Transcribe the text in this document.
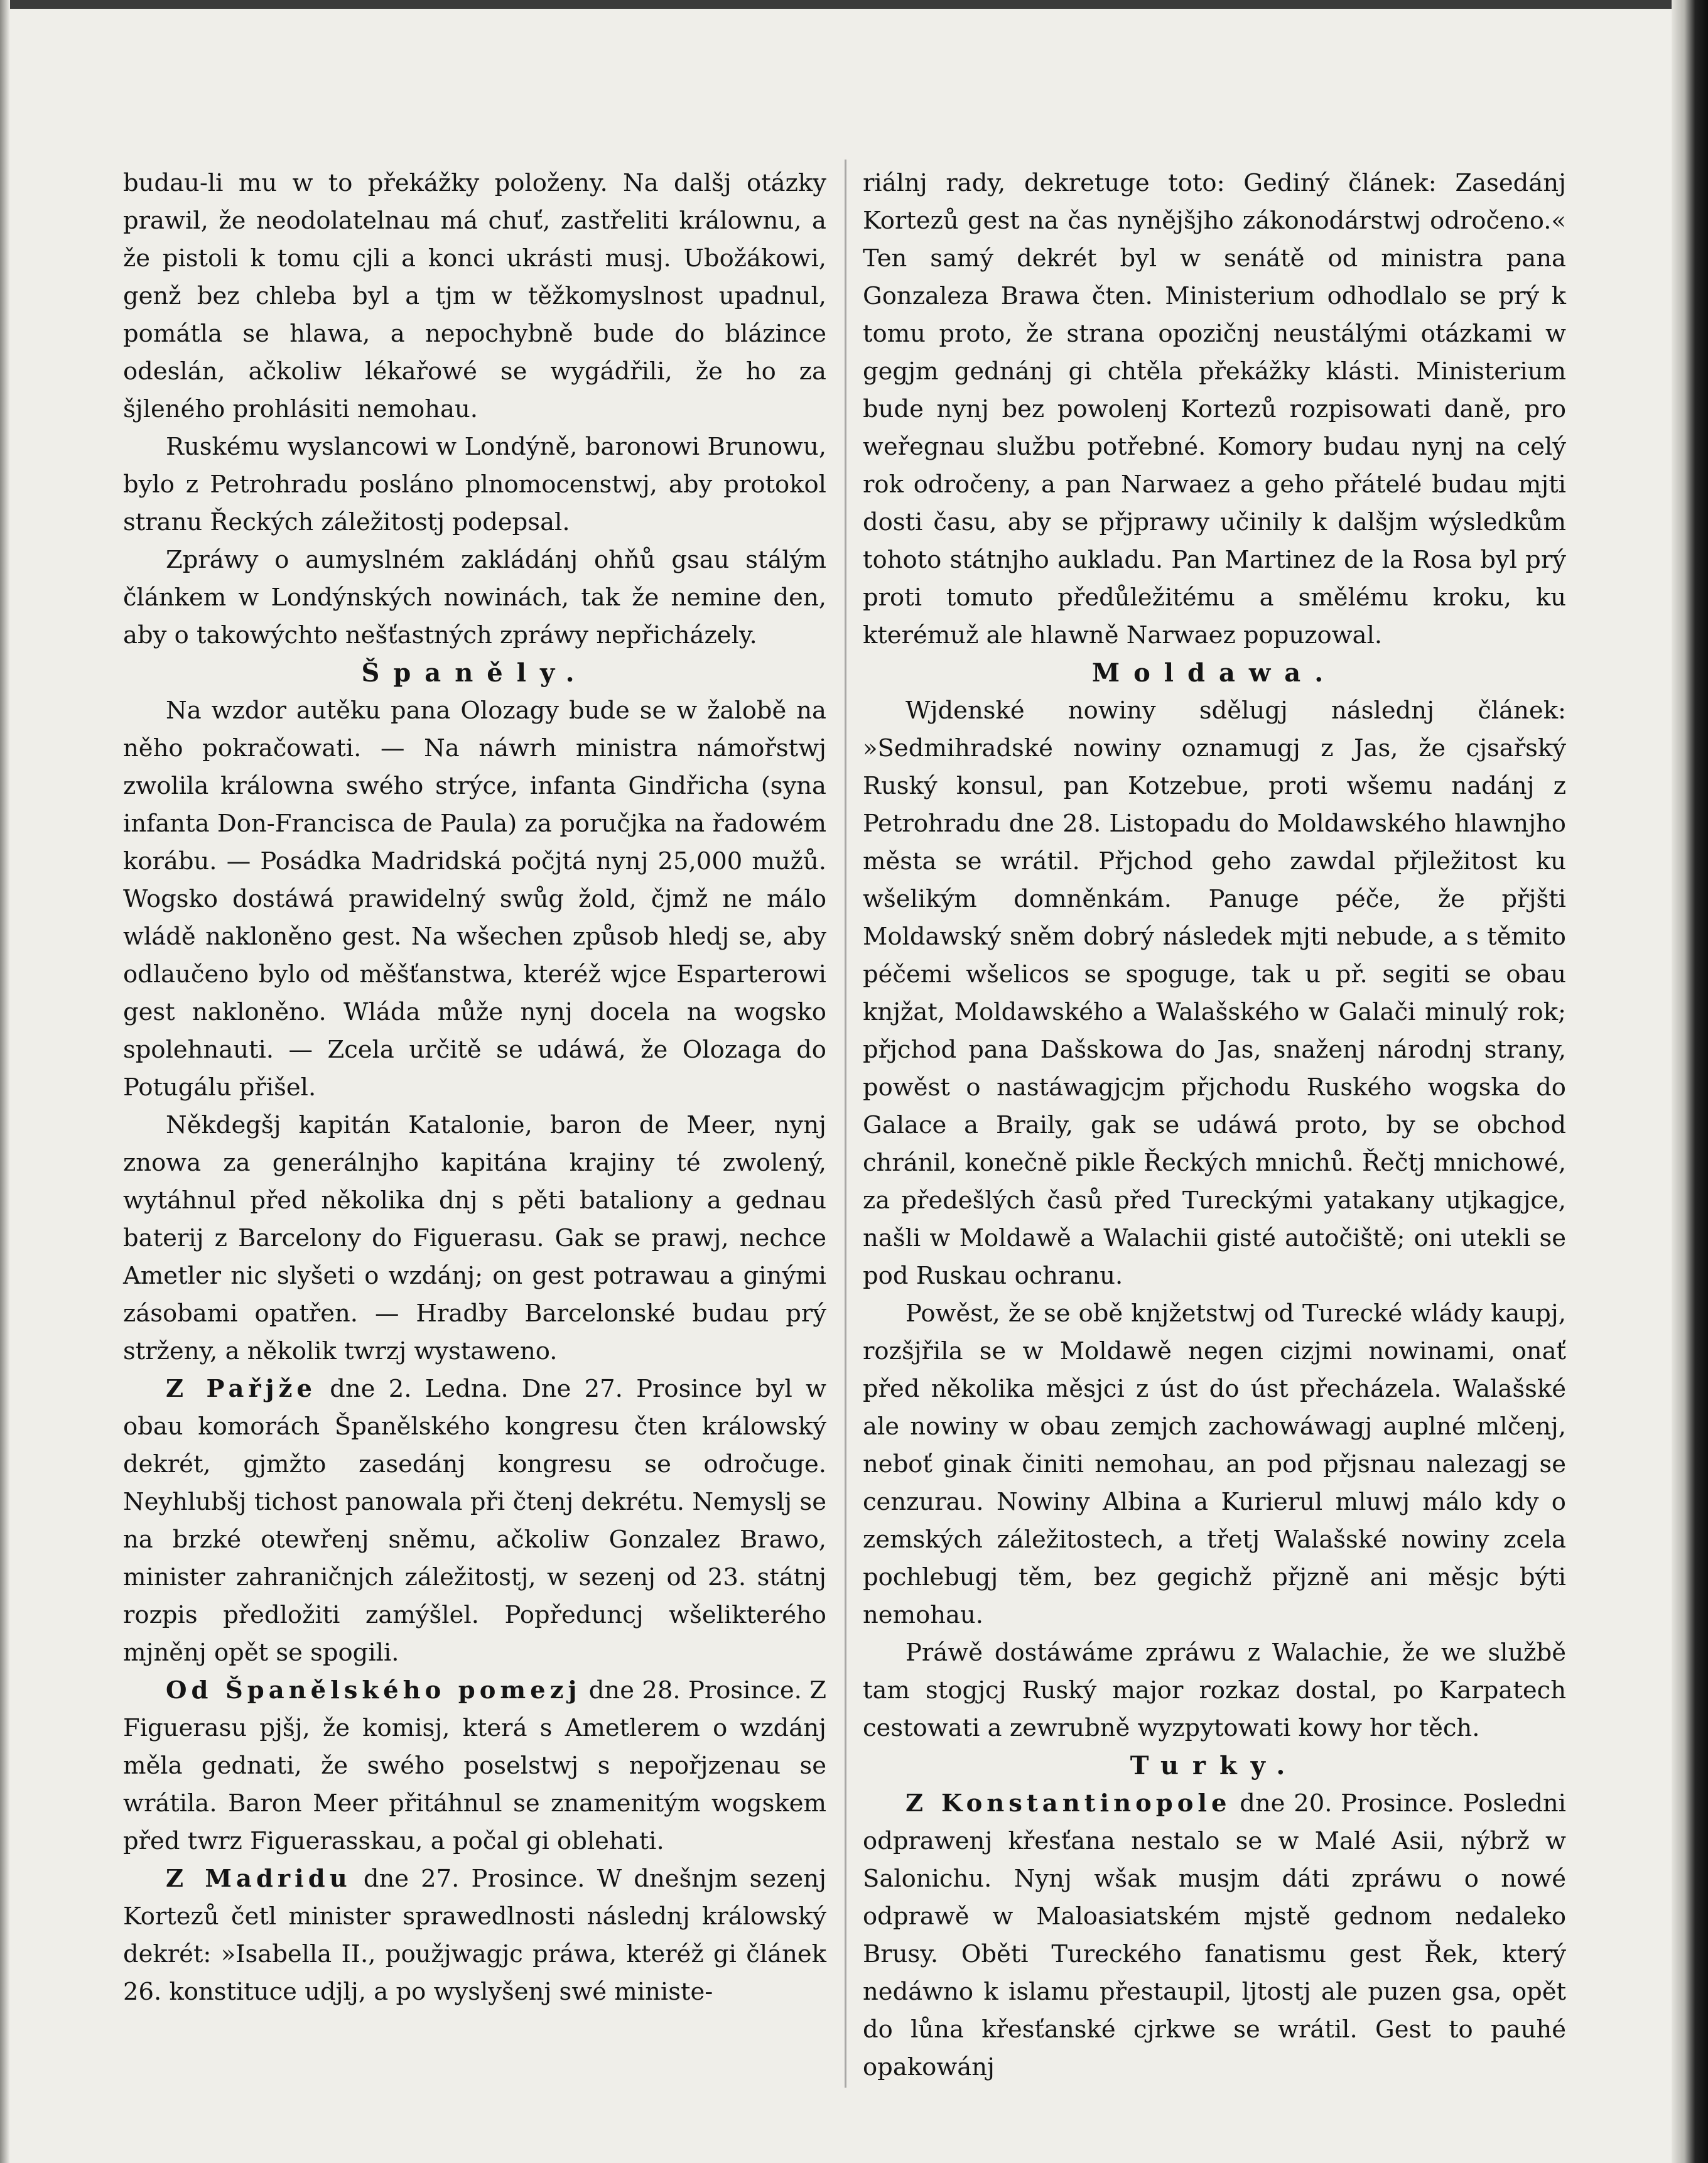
budau-li mu w to překážky položeny. Na dalšj otázky prawil, že neodolatelnau má chuť, zastřeliti králownu, a že pistoli k tomu cjli a konci ukrásti musj. Ubožákowi, genž bez chleba byl a tjm w těžkomyslnost upadnul, pomátla se hlawa, a nepochybně bude do blázince odeslán, ačkoliw lékařowé se wygádřili, že ho za šjleného prohlásiti nemohau.

Ruskému wyslancowi w Londýně, baronowi Brunowu, bylo z Petrohradu posláno plnomocenstwj, aby protokol stranu Řeckých záležitostj podepsal.

Zpráwy o aumyslném zakládánj ohňů gsau stálým článkem w Londýnských nowinách, tak že nemine den, aby o takowýchto nešťastných zpráwy nepřicházely.

Španěly.

Na wzdor autěku pana Olozagy bude se w žalobě na něho pokračowati. — Na náwrh ministra námořstwj zwolila králowna swého strýce, infanta Gindřicha (syna infanta Don-Francisca de Paula) za poručjka na řadowém korábu. — Posádka Madridská počjtá nynj 25,000 mužů. Wogsko dostáwá prawidelný swůg žold, čjmž ne málo wládě nakloněno gest. Na wšechen způsob hledj se, aby odlaučeno bylo od měšťanstwa, kteréž wjce Esparterowi gest nakloněno. Wláda může nynj docela na wogsko spolehnauti. — Zcela určitě se udáwá, že Olozaga do Potugálu přišel.

Někdegšj kapitán Katalonie, baron de Meer, nynj znowa za generálnjho kapitána krajiny té zwolený, wytáhnul před několika dnj s pěti bataliony a gednau baterij z Barcelony do Figuerasu. Gak se prawj, nechce Ametler nic slyšeti o wzdánj; on gest potrawau a ginými zásobami opatřen. — Hradby Barcelonské budau prý strženy, a několik twrzj wystaweno.

Z Pařjže dne 2. Ledna. Dne 27. Prosince byl w obau komorách Španělského kongresu čten králowský dekrét, gjmžto zasedánj kongresu se odročuge. Neyhlubšj tichost panowala při čtenj dekrétu. Nemyslj se na brzké otewřenj sněmu, ačkoliw Gonzalez Brawo, minister zahraničnjch záležitostj, w sezenj od 23. státnj rozpis předložiti zamýšlel. Popředuncj wšelikterého mjněnj opět se spogili.

Od Španělského pomezj dne 28. Prosince. Z Figuerasu pjšj, že komisj, která s Ametlerem o wzdánj měla gednati, že swého poselstwj s nepořjzenau se wrátila. Baron Meer přitáhnul se znamenitým wogskem před twrz Figuerasskau, a počal gi oblehati.

Z Madridu dne 27. Prosince. W dnešnjm sezenj Kortezů četl minister sprawedlnosti následnj králowský dekrét: »Isabella II., použjwagjc práwa, kteréž gi článek 26. konstituce udjlj, a po wyslyšenj swé ministe-

riálnj rady, dekretuge toto: Gediný článek: Zasedánj Kortezů gest na čas nynějšjho zákonodárstwj odročeno.« Ten samý dekrét byl w senátě od ministra pana Gonzaleza Brawa čten. Ministerium odhodlalo se prý k tomu proto, že strana opozičnj neustálými otázkami w gegjm gednánj gi chtěla překážky klásti. Ministerium bude nynj bez powolenj Kortezů rozpisowati daně, pro weřegnau službu potřebné. Komory budau nynj na celý rok odročeny, a pan Narwaez a geho přátelé budau mjti dosti času, aby se přjprawy učinily k dalšjm wýsledkům tohoto státnjho aukladu. Pan Martinez de la Rosa byl prý proti tomuto předůležitému a smělému kroku, ku kterémuž ale hlawně Narwaez popuzowal.

Moldawa.

Wjdenské nowiny sdělugj následnj článek: »Sedmihradské nowiny oznamugj z Jas, že cjsařský Ruský konsul, pan Kotzebue, proti wšemu nadánj z Petrohradu dne 28. Listopadu do Moldawského hlawnjho města se wrátil. Přjchod geho zawdal přjležitost ku wšelikým domněnkám. Panuge péče, že přjšti Moldawský sněm dobrý následek mjti nebude, a s těmito péčemi wšelicos se spoguge, tak u př. segiti se obau knjžat, Moldawského a Walašského w Galači minulý rok; přjchod pana Dašskowa do Jas, snaženj národnj strany, powěst o nastáwagjcjm přjchodu Ruského wogska do Galace a Braily, gak se udáwá proto, by se obchod chránil, konečně pikle Řeckých mnichů. Řečtj mnichowé, za předešlých časů před Tureckými yatakany utjkagjce, našli w Moldawě a Walachii gisté autočiště; oni utekli se pod Ruskau ochranu.

Powěst, že se obě knjžetstwj od Turecké wlády kaupj, rozšjřila se w Moldawě negen cizjmi nowinami, onať před několika měsjci z úst do úst přecházela. Walašské ale nowiny w obau zemjch zachowáwagj auplné mlčenj, neboť ginak činiti nemohau, an pod přjsnau nalezagj se cenzurau. Nowiny Albina a Kurierul mluwj málo kdy o zemských záležitostech, a třetj Walašské nowiny zcela pochlebugj těm, bez gegichž přjzně ani měsjc býti nemohau.

Práwě dostáwáme zpráwu z Walachie, že we službě tam stogjcj Ruský major rozkaz dostal, po Karpatech cestowati a zewrubně wyzpytowati kowy hor těch.

Turky.

Z Konstantinopole dne 20. Prosince. Posledni odprawenj křesťana nestalo se w Malé Asii, nýbrž w Salonichu. Nynj wšak musjm dáti zpráwu o nowé odprawě w Maloasiatském mjstě gednom nedaleko Brusy. Oběti Tureckého fanatismu gest Řek, který nedáwno k islamu přestaupil, ljtostj ale puzen gsa, opět do lůna křesťanské cjrkwe se wrátil. Gest to pauhé opakowánj
